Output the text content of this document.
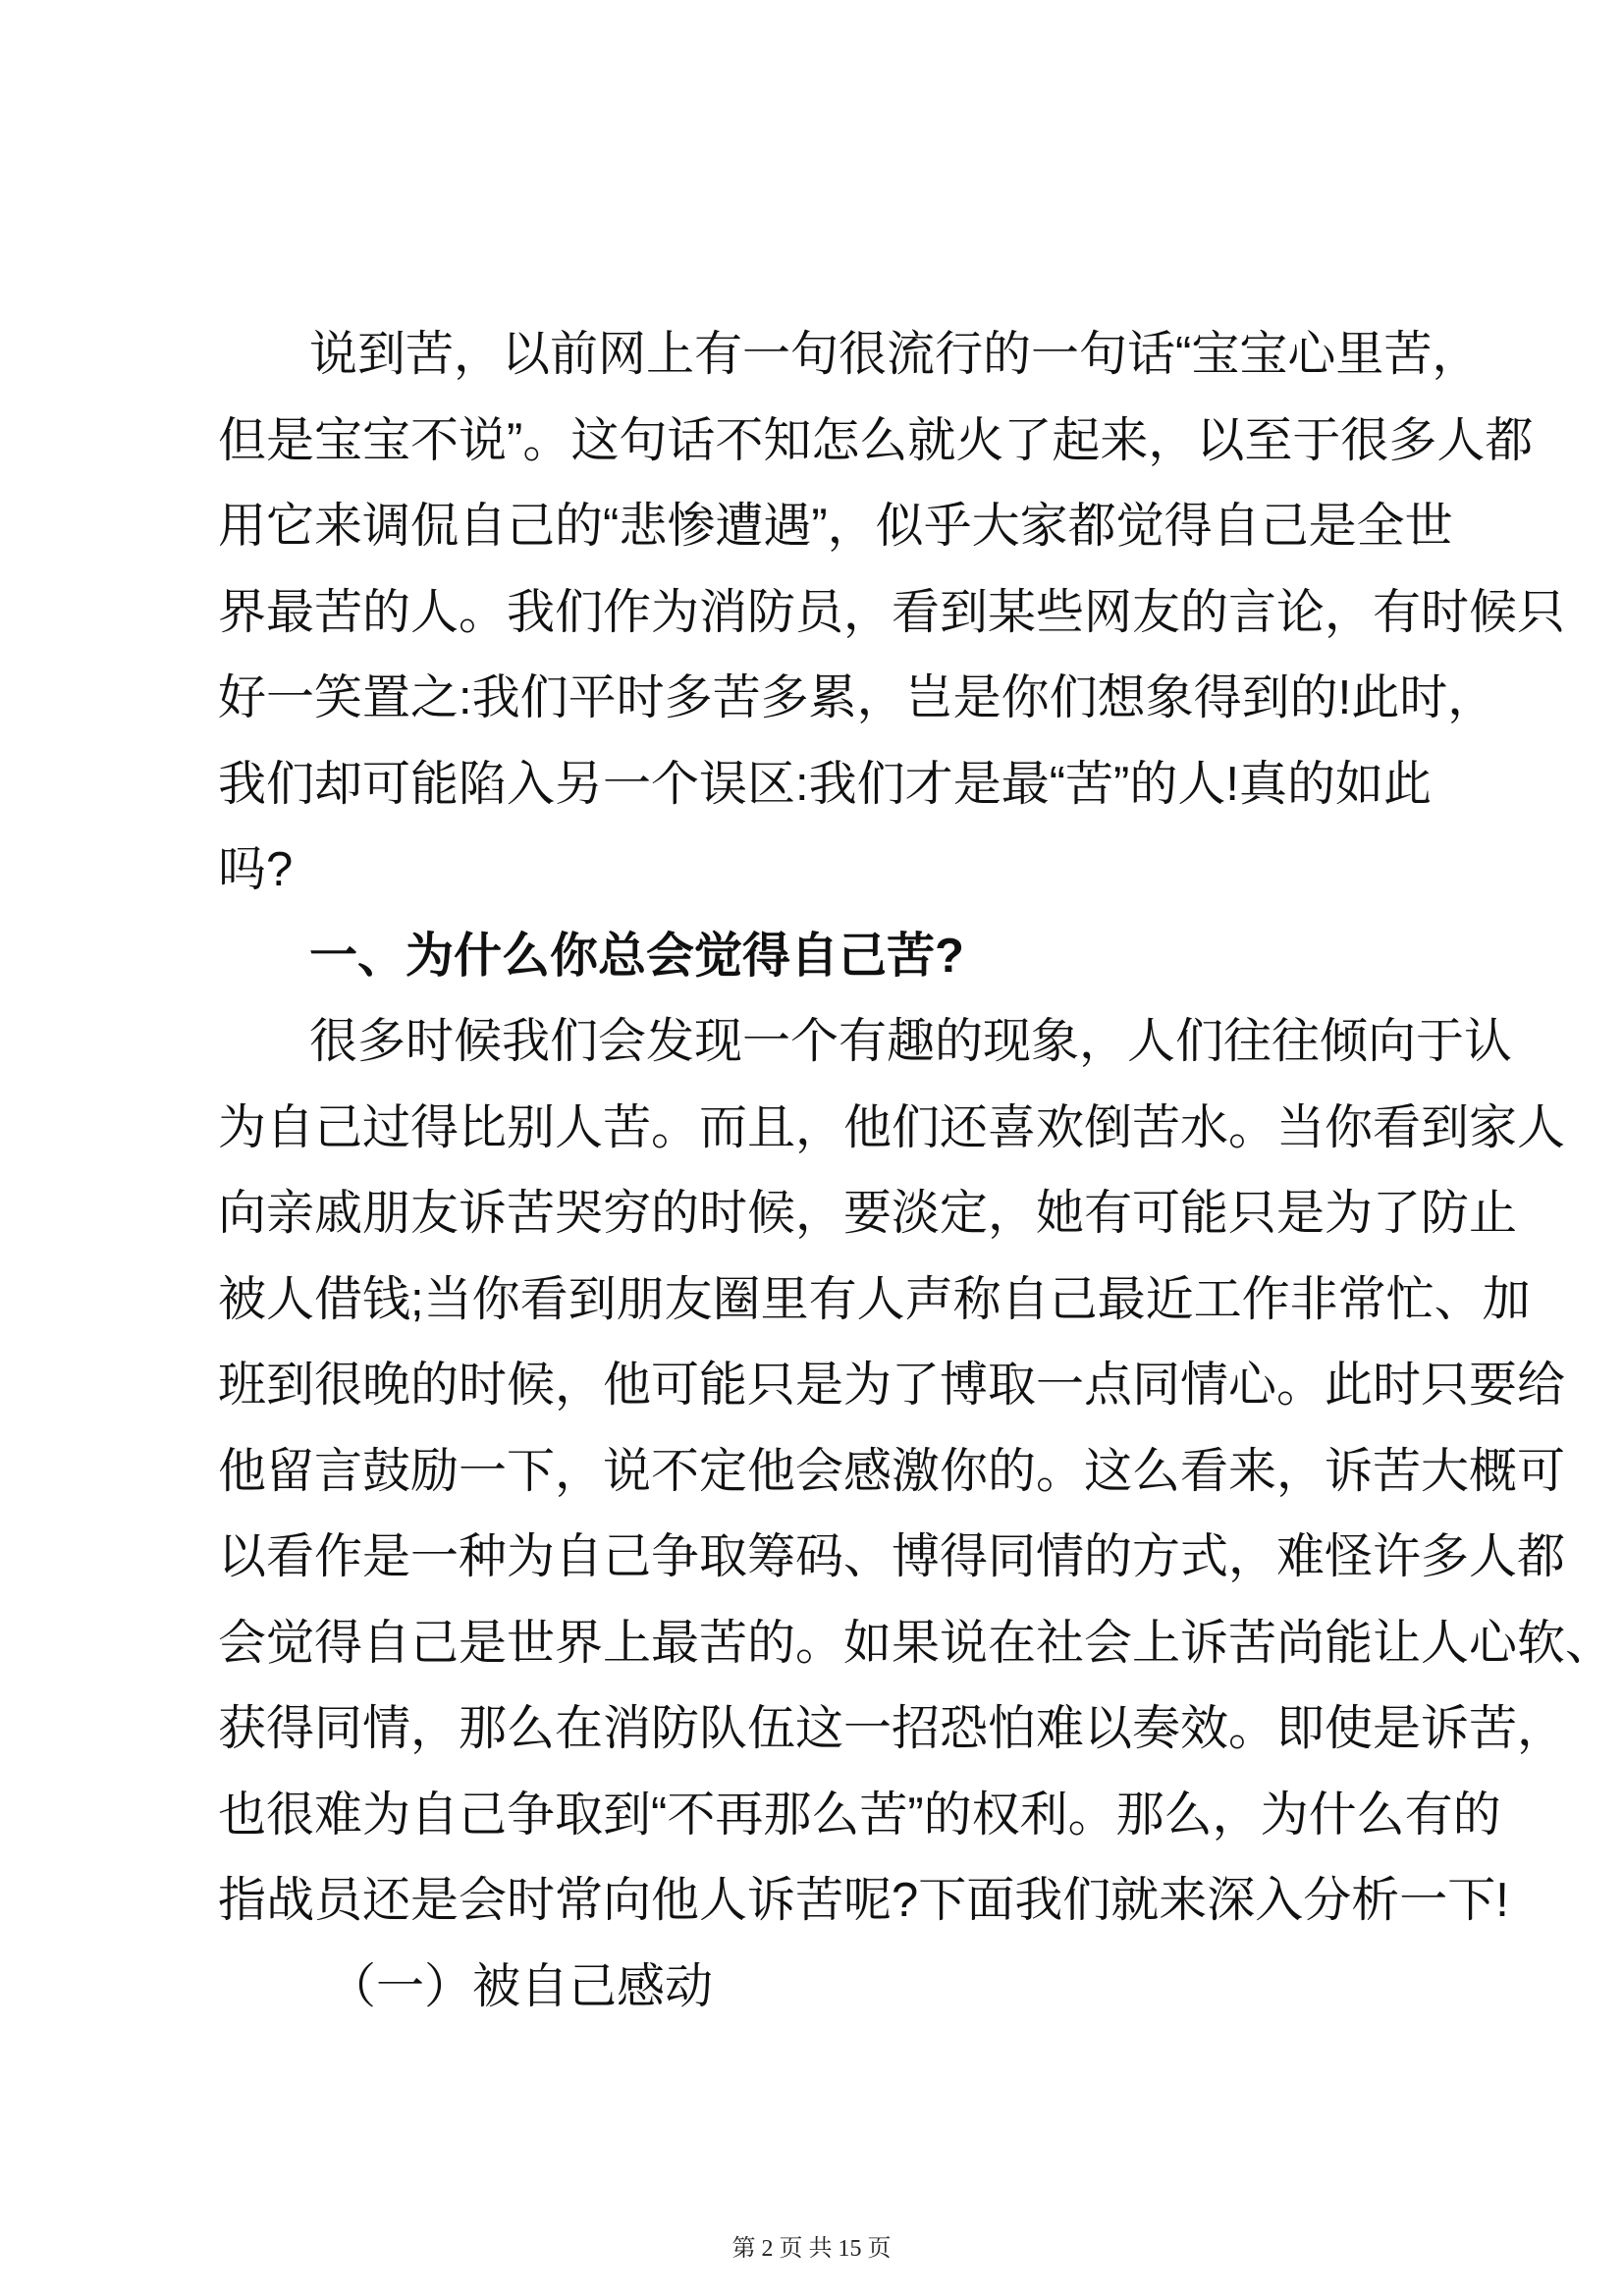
说到苦，以前网上有一句很流行的一句话“宝宝心里苦，
但是宝宝不说”。这句话不知怎么就火了起来，以至于很多人都
用它来调侃自己的“悲惨遭遇”，似乎大家都觉得自己是全世
界最苦的人。我们作为消防员，看到某些网友的言论，有时候只
好一笑置之:我们平时多苦多累，岂是你们想象得到的!此时，
我们却可能陷入另一个误区:我们才是最“苦”的人!真的如此
吗?
一、为什么你总会觉得自己苦?
很多时候我们会发现一个有趣的现象，人们往往倾向于认
为自己过得比别人苦。而且，他们还喜欢倒苦水。当你看到家人
向亲戚朋友诉苦哭穷的时候，要淡定，她有可能只是为了防止
被人借钱;当你看到朋友圈里有人声称自己最近工作非常忙、加
班到很晚的时候，他可能只是为了博取一点同情心。此时只要给
他留言鼓励一下，说不定他会感激你的。这么看来，诉苦大概可
以看作是一种为自己争取筹码、博得同情的方式，难怪许多人都
会觉得自己是世界上最苦的。如果说在社会上诉苦尚能让人心软、
获得同情，那么在消防队伍这一招恐怕难以奏效。即使是诉苦，
也很难为自己争取到“不再那么苦”的权利。那么，为什么有的
指战员还是会时常向他人诉苦呢?下面我们就来深入分析一下!
（一）被自己感动
第 2 页 共 15 页
